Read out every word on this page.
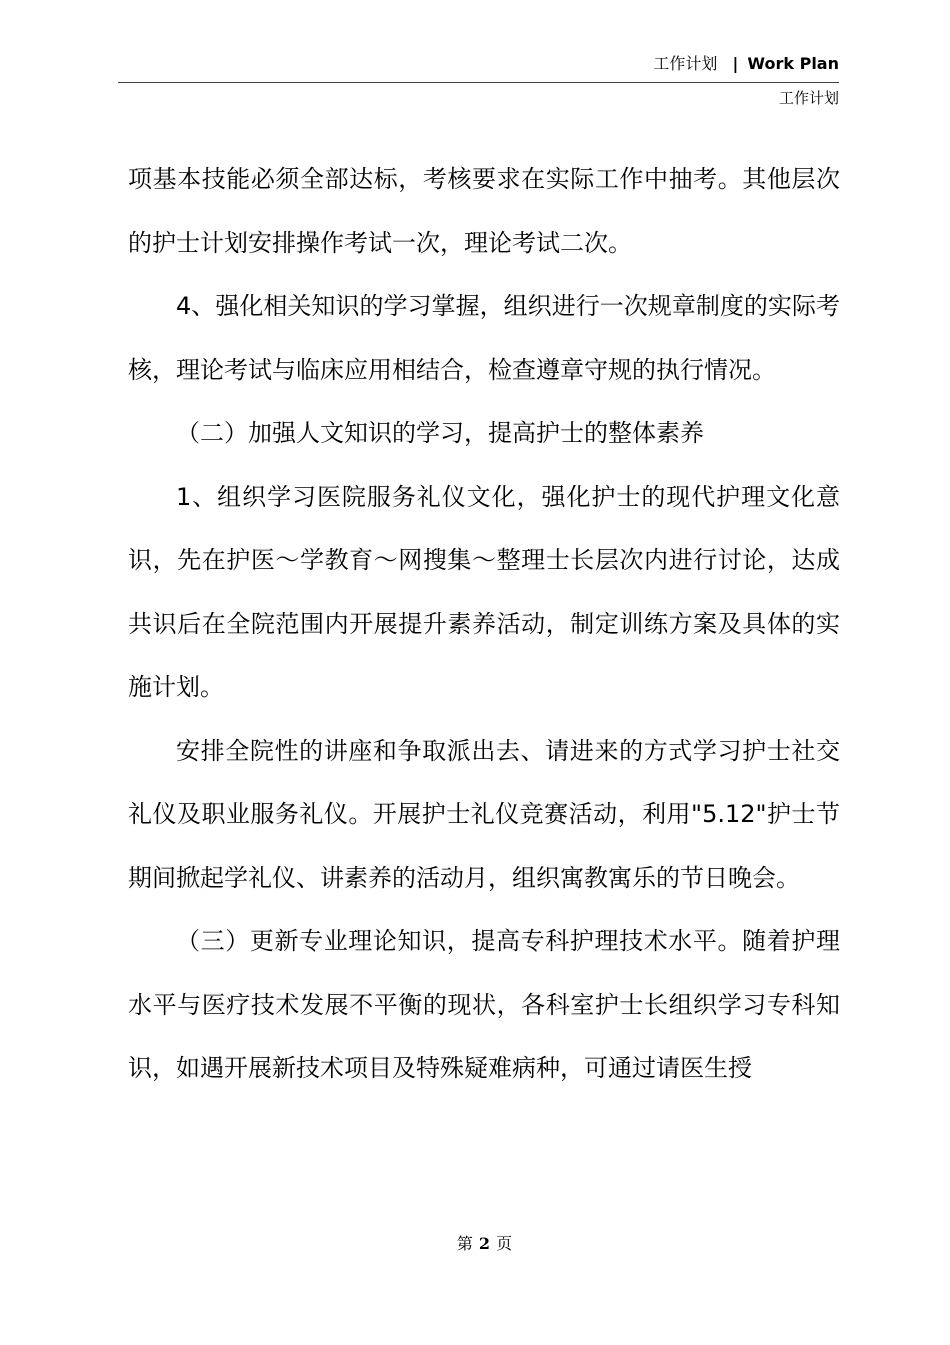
工作计划 | Work Plan
工作计划

项基本技能必须全部达标，考核要求在实际工作中抽考。其他层次的护士计划安排操作考试一次，理论考试二次。

4、强化相关知识的学习掌握，组织进行一次规章制度的实际考核，理论考试与临床应用相结合，检查遵章守规的执行情况。

（二）加强人文知识的学习，提高护士的整体素养

1、组织学习医院服务礼仪文化，强化护士的现代护理文化意识，先在护医～学教育～网搜集～整理士长层次内进行讨论，达成共识后在全院范围内开展提升素养活动，制定训练方案及具体的实施计划。

安排全院性的讲座和争取派出去、请进来的方式学习护士社交礼仪及职业服务礼仪。开展护士礼仪竞赛活动，利用"5.12"护士节期间掀起学礼仪、讲素养的活动月，组织寓教寓乐的节日晚会。

（三）更新专业理论知识，提高专科护理技术水平。随着护理水平与医疗技术发展不平衡的现状，各科室护士长组织学习专科知识，如遇开展新技术项目及特殊疑难病种，可通过请医生授

第 2 页
